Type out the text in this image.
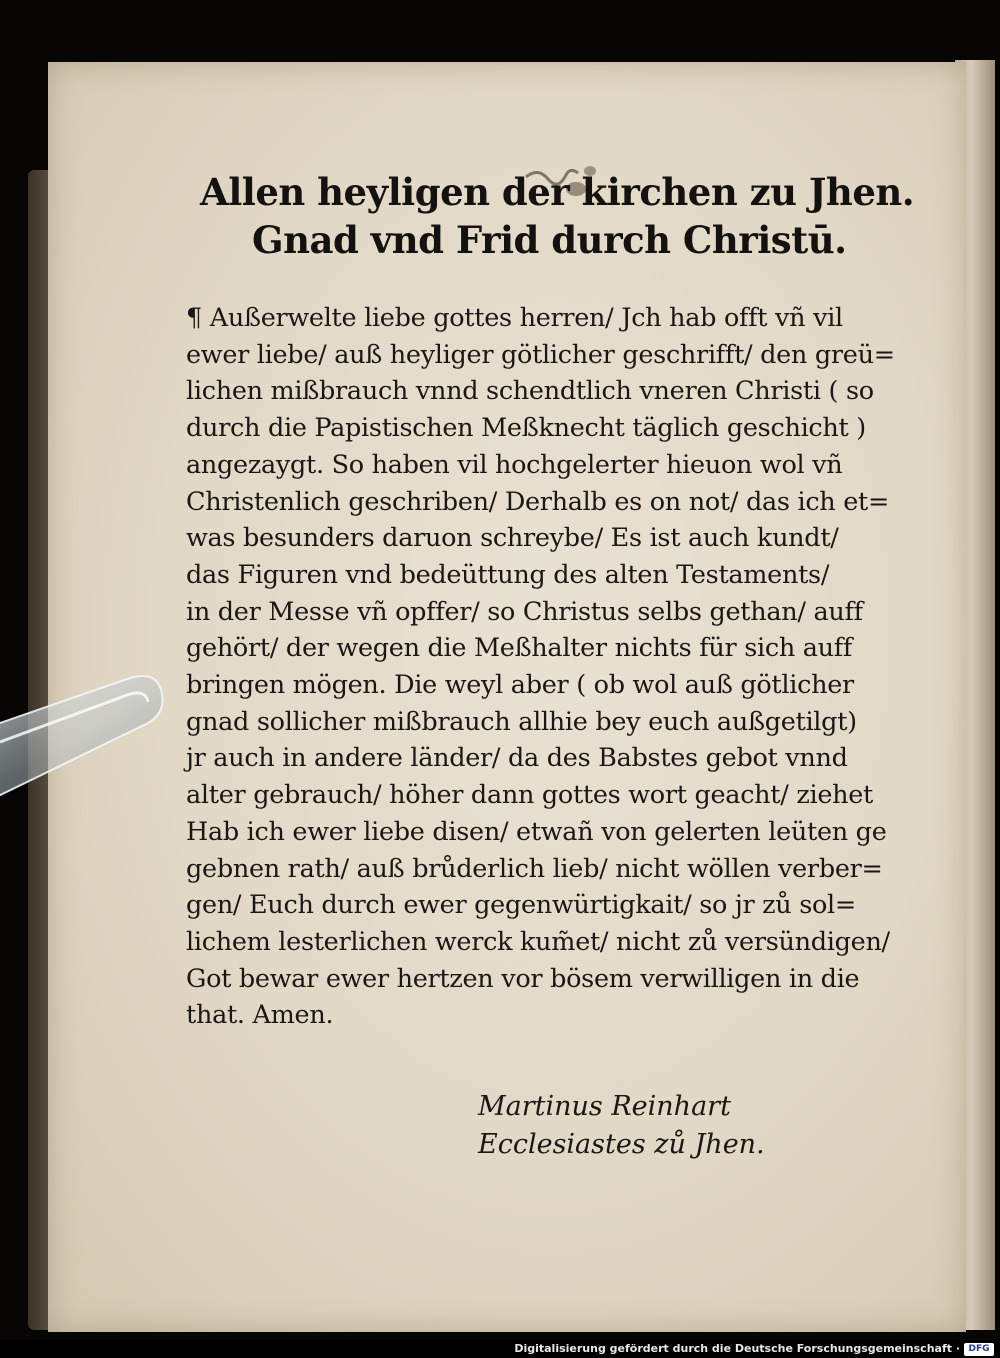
Allen heyligen der kirchen zu Jhen.
Gnad vnd Frid durch Christū.
¶ Außerwelte liebe gottes herren/ Jch hab offt vñ vil
ewer liebe/ auß heyliger götlicher geschrifft/ den greü=
lichen mißbrauch vnnd schendtlich vneren Christi ( so
durch die Papistischen Meßknecht täglich geschicht )
angezaygt. So haben vil hochgelerter hieuon wol vñ
Christenlich geschriben/ Derhalb es on not/ das ich et=
was besunders daruon schreybe/ Es ist auch kundt/
das Figuren vnd bedeüttung des alten Testaments/
in der Messe vñ opffer/ so Christus selbs gethan/ auff
gehört/ der wegen die Meßhalter nichts für sich auff
bringen mögen. Die weyl aber ( ob wol auß götlicher
gnad sollicher mißbrauch allhie bey euch außgetilgt)
jr auch in andere länder/ da des Babstes gebot vnnd
alter gebrauch/ höher dann gottes wort geacht/ ziehet
Hab ich ewer liebe disen/ etwañ von gelerten leüten ge
gebnen rath/ auß brůderlich lieb/ nicht wöllen verber=
gen/ Euch durch ewer gegenwürtigkait/ so jr zů sol=
lichem lesterlichen werck kum̃et/ nicht zů versündigen/
Got bewar ewer hertzen vor bösem verwilligen in die
that. Amen.
Martinus Reinhart
Ecclesiastes zů Jhen.
Digitalisierung gefördert durch die Deutsche Forschungsgemeinschaft · DFG
